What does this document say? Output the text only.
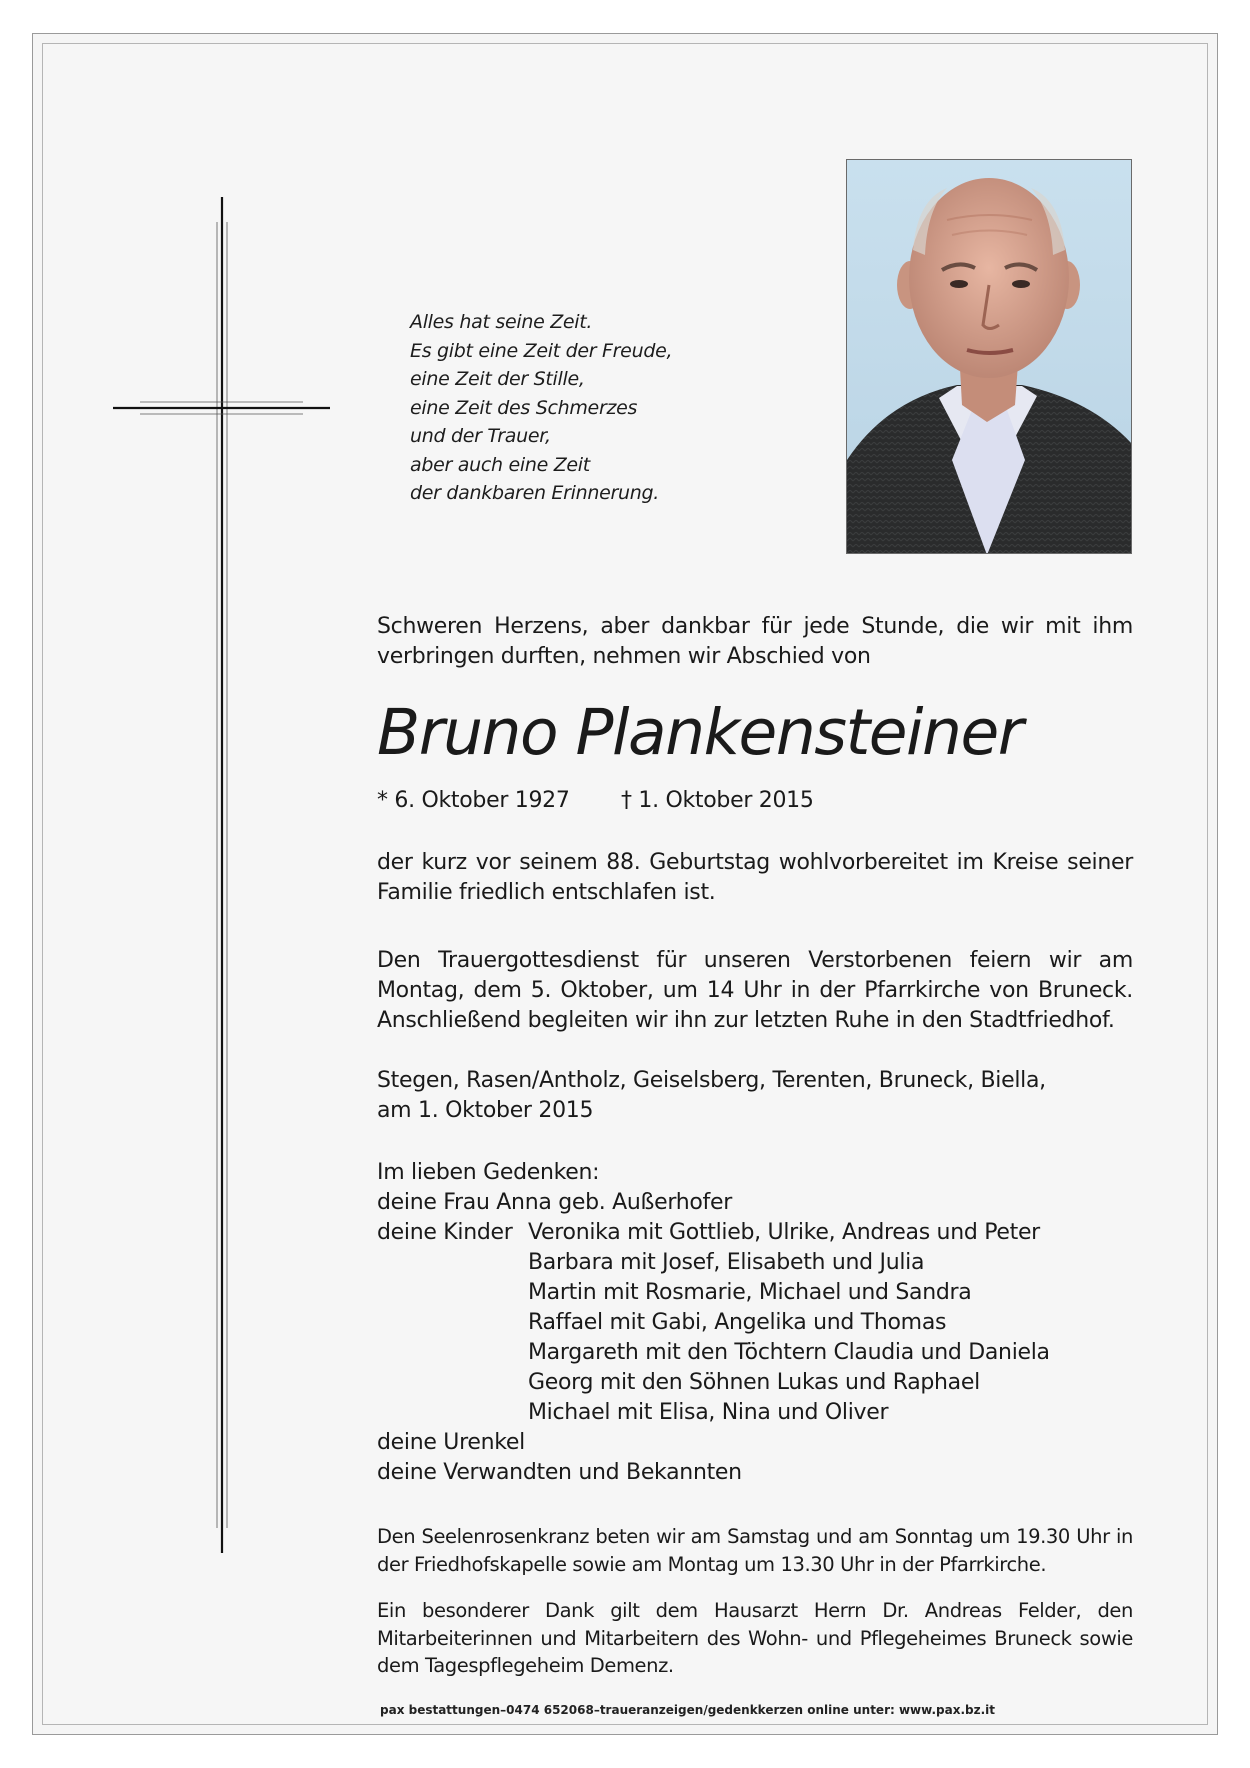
Alles hat seine Zeit.
Es gibt eine Zeit der Freude,
eine Zeit der Stille,
eine Zeit des Schmerzes
und der Trauer,
aber auch eine Zeit
der dankbaren Erinnerung.
Schweren Herzens, aber dankbar für jede Stunde, die wir mit ihm verbringen durften, nehmen wir Abschied von
Bruno Plankensteiner
* 6. Oktober 1927 † 1. Oktober 2015
der kurz vor seinem 88. Geburtstag wohlvorbereitet im Kreise seiner Familie friedlich entschlafen ist.
Den Trauergottesdienst für unseren Verstorbenen feiern wir am Montag, dem 5. Oktober, um 14 Uhr in der Pfarrkirche von Bruneck. Anschließend begleiten wir ihn zur letzten Ruhe in den Stadtfriedhof.
Stegen, Rasen/Antholz, Geiselsberg, Terenten, Bruneck, Biella,
am 1. Oktober 2015
Im lieben Gedenken:
deine Frau Anna geb. Außerhofer
deine Kinder Veronika mit Gottlieb, Ulrike, Andreas und Peter
Barbara mit Josef, Elisabeth und Julia
Martin mit Rosmarie, Michael und Sandra
Raffael mit Gabi, Angelika und Thomas
Margareth mit den Töchtern Claudia und Daniela
Georg mit den Söhnen Lukas und Raphael
Michael mit Elisa, Nina und Oliver
deine Urenkel
deine Verwandten und Bekannten
Den Seelenrosenkranz beten wir am Samstag und am Sonntag um 19.30 Uhr in der Friedhofskapelle sowie am Montag um 13.30 Uhr in der Pfarrkirche.
Ein besonderer Dank gilt dem Hausarzt Herrn Dr. Andreas Felder, den Mitarbeiterinnen und Mitarbeitern des Wohn- und Pflegeheimes Bruneck sowie dem Tagespflegeheim Demenz.
pax bestattungen–0474 652068–traueranzeigen/gedenkkerzen online unter: www.pax.bz.it
